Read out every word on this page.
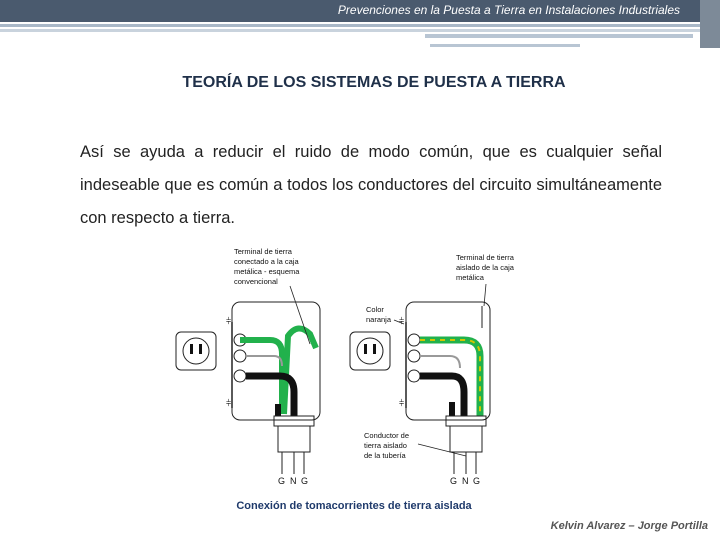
Prevenciones en la Puesta a Tierra en Instalaciones Industriales
TEORÍA DE LOS SISTEMAS DE PUESTA A TIERRA
Así se ayuda a reducir el ruido de modo común, que es cualquier señal indeseable que es común a todos los conductores del circuito simultáneamente con respecto a tierra.
G N G
⫩
⫩
Terminal de tierra
conectado a la caja
metálica - esquema
convencional
Color
naranja
G N G
⫩
⫩
Terminal de tierra
aislado de la caja
metálica
Conductor de
tierra aislado
de la tubería
Conexión de tomacorrientes de tierra aislada
Kelvin Alvarez – Jorge Portilla
